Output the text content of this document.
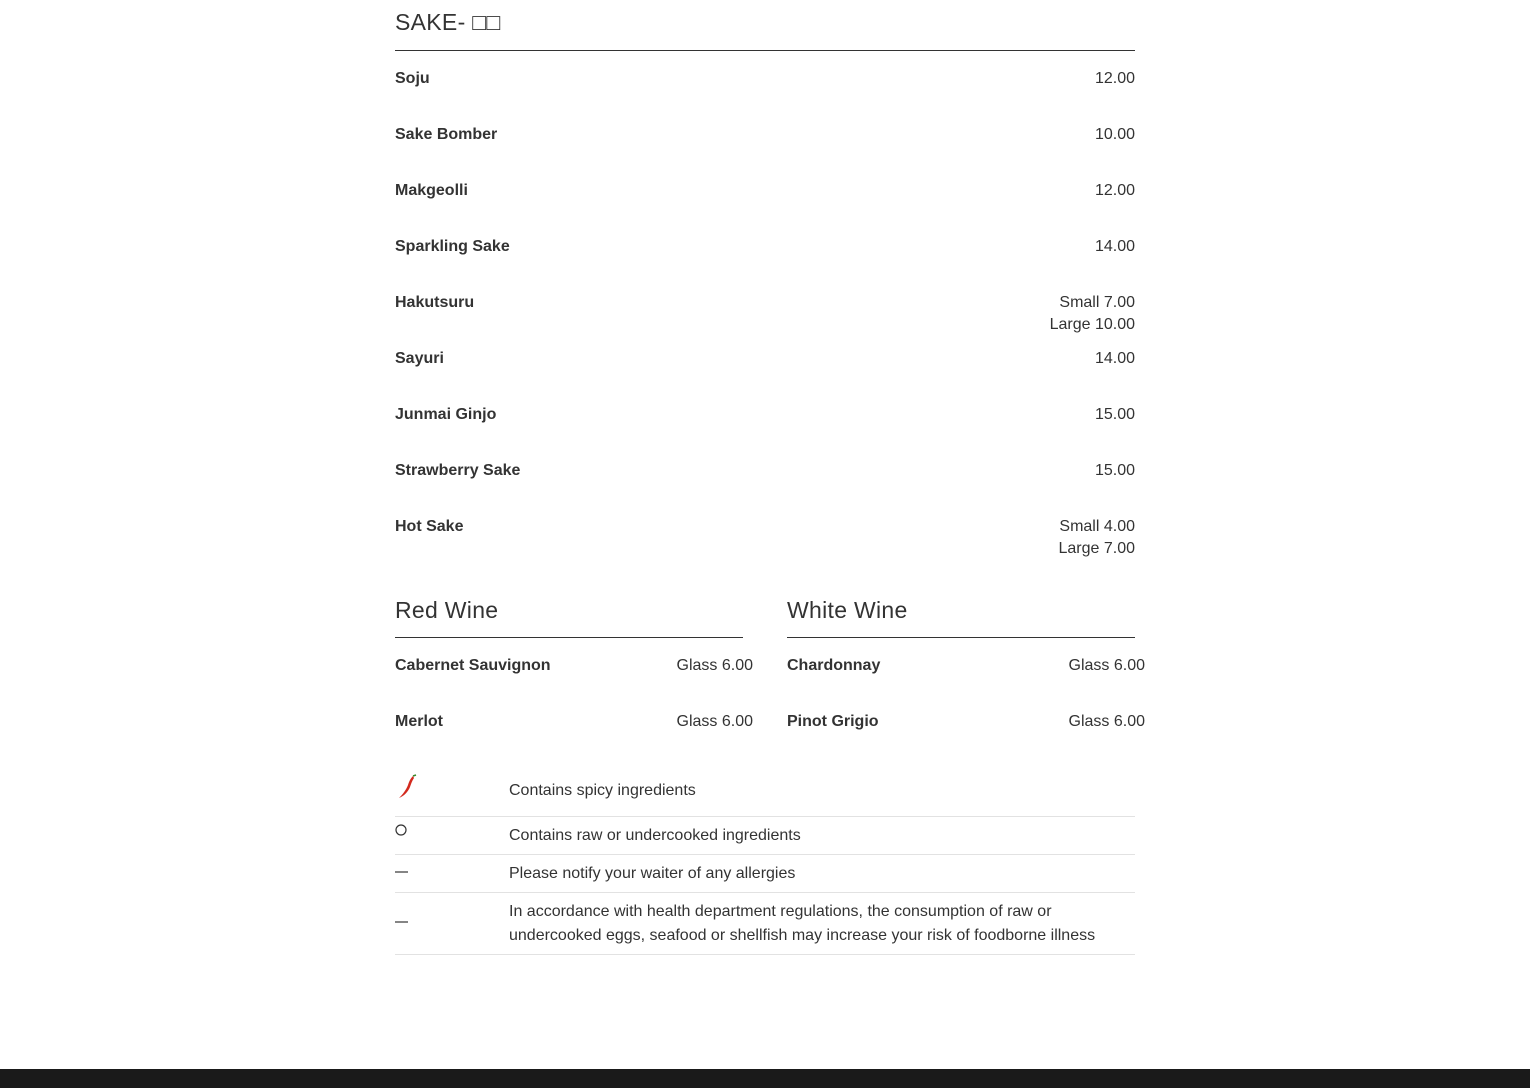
SAKE- □□
Soju	12.00
Sake Bomber	10.00
Makgeolli	12.00
Sparkling Sake	14.00
Hakutsuru	Small 7.00
Large 10.00
Sayuri	14.00
Junmai Ginjo	15.00
Strawberry Sake	15.00
Hot Sake	Small 4.00
Large 7.00
Red Wine
Cabernet Sauvignon	Glass 6.00
Merlot	Glass 6.00
White Wine
Chardonnay	Glass 6.00
Pinot Grigio	Glass 6.00
Contains spicy ingredients
Contains raw or undercooked ingredients
Please notify your waiter of any allergies
In accordance with health department regulations, the consumption of raw or undercooked eggs, seafood or shellfish may increase your risk of foodborne illness
